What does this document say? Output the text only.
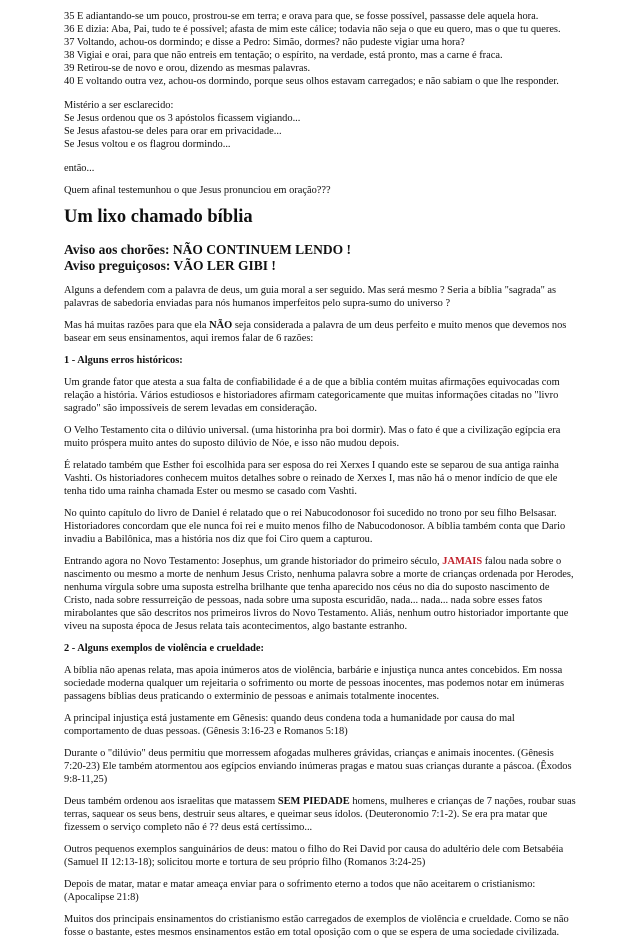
35 E adiantando-se um pouco, prostrou-se em terra; e orava para que, se fosse possível, passasse dele aquela hora.

36 E dizia: Aba, Pai, tudo te é possível; afasta de mim este cálice; todavia não seja o que eu quero, mas o que tu queres.

37 Voltando, achou-os dormindo; e disse a Pedro: Simão, dormes? não pudeste vigiar uma hora?

38 Vigiai e orai, para que não entreis em tentação; o espírito, na verdade, está pronto, mas a carne é fraca.

39 Retirou-se de novo e orou, dizendo as mesmas palavras.

40 E voltando outra vez, achou-os dormindo, porque seus olhos estavam carregados; e não sabiam o que lhe responder.

Mistério a ser esclarecido:
Se Jesus ordenou que os 3 apóstolos ficassem vigiando...
Se Jesus afastou-se deles para orar em privacidade...
Se Jesus voltou e os flagrou dormindo...

então...

Quem afinal testemunhou o que Jesus pronunciou em oração???

Um lixo chamado bíblia
Aviso aos chorões: NÃO CONTINUEM LENDO !
Aviso preguiçosos: VÃO LER GIBI !

Alguns a defendem com a palavra de deus, um guia moral a ser seguido. Mas será mesmo ? Seria a bíblia "sagrada" as palavras de sabedoria enviadas para nós humanos imperfeitos pelo supra-sumo do universo ?

Mas há muitas razões para que ela NÃO seja considerada a palavra de um deus perfeito e muito menos que devemos nos basear em seus ensinamentos, aqui iremos falar de 6 razões:

1 - Alguns erros históricos:

Um grande fator que atesta a sua falta de confiabilidade é a de que a bíblia contém muitas afirmações equivocadas com relação a história. Vários estudiosos e historiadores afirmam categoricamente que muitas informações citadas no "livro sagrado" são impossíveis de serem levadas em consideração.

O Velho Testamento cita o dilúvio universal. (uma historinha pra boi dormir). Mas o fato é que a civilização egípcia era muito próspera muito antes do suposto dilúvio de Nóe, e isso não mudou depois.

É relatado também que Esther foi escolhida para ser esposa do rei Xerxes I quando este se separou de sua antiga rainha Vashti. Os historiadores conhecem muitos detalhes sobre o reinado de Xerxes I, mas não há o menor indício de que ele tenha tido uma rainha chamada Ester ou mesmo se casado com Vashti.

No quinto capítulo do livro de Daniel é relatado que o rei Nabucodonosor foi sucedido no trono por seu filho Belsasar. Historiadores concordam que ele nunca foi rei e muito menos filho de Nabucodonosor. A bíblia também conta que Dario invadiu a Babilônica, mas a história nos diz que foi Ciro quem a capturou.

Entrando agora no Novo Testamento: Josephus, um grande historiador do primeiro século, JAMAIS falou nada sobre o nascimento ou mesmo a morte de nenhum Jesus Cristo, nenhuma palavra sobre a morte de crianças ordenada por Herodes, nenhuma vírgula sobre uma suposta estrelha brilhante que tenha aparecido nos céus no dia do suposto nascimento de Cristo, nada sobre ressurreição de pessoas, nada sobre uma suposta escuridão, nada... nada... nada sobre esses fatos mirabolantes que são descritos nos primeiros livros do Novo Testamento. Aliás, nenhum outro historiador importante que viveu na suposta época de Jesus relata tais acontecimentos, algo bastante estranho.

2 - Alguns exemplos de violência e crueldade:

A bíblia não apenas relata, mas apoia inúmeros atos de violência, barbárie e injustiça nunca antes concebidos. Em nossa sociedade moderna qualquer um rejeitaria o sofrimento ou morte de pessoas inocentes, mas podemos notar em inúmeras passagens bíblias deus praticando o exterminio de pessoas e animais totalmente inocentes.

A principal injustiça está justamente em Gênesis: quando deus condena toda a humanidade por causa do mal comportamento de duas pessoas. (Gênesis 3:16-23 e Romanos 5:18)

Durante o "dilúvio" deus permitiu que morressem afogadas mulheres grávidas, crianças e animais inocentes. (Gênesis 7:20-23) Ele também atormentou aos egípcios enviando inúmeras pragas e matou suas crianças durante a páscoa. (Êxodos 9:8-11,25)

Deus também ordenou aos israelitas que matassem SEM PIEDADE homens, mulheres e crianças de 7 nações, roubar suas terras, saquear os seus bens, destruir seus altares, e queimar seus ídolos. (Deuteronomio 7:1-2). Se era pra matar que fizessem o serviço completo não é ?? deus está certíssimo...

Outros pequenos exemplos sanguinários de deus: matou o filho do Rei David por causa do adultério dele com Betsabéia (Samuel II 12:13-18); solicitou morte e tortura de seu próprio filho (Romanos 3:24-25)

Depois de matar, matar e matar ameaça enviar para o sofrimento eterno a todos que não aceitarem o cristianismo: (Apocalipse 21:8)

Muitos dos principais ensinamentos do cristianismo estão carregados de exemplos de violência e crueldade. Como se não fosse o bastante, estes mesmos ensinamentos estão em total oposição com o que se espera de uma sociedade civilizada.
